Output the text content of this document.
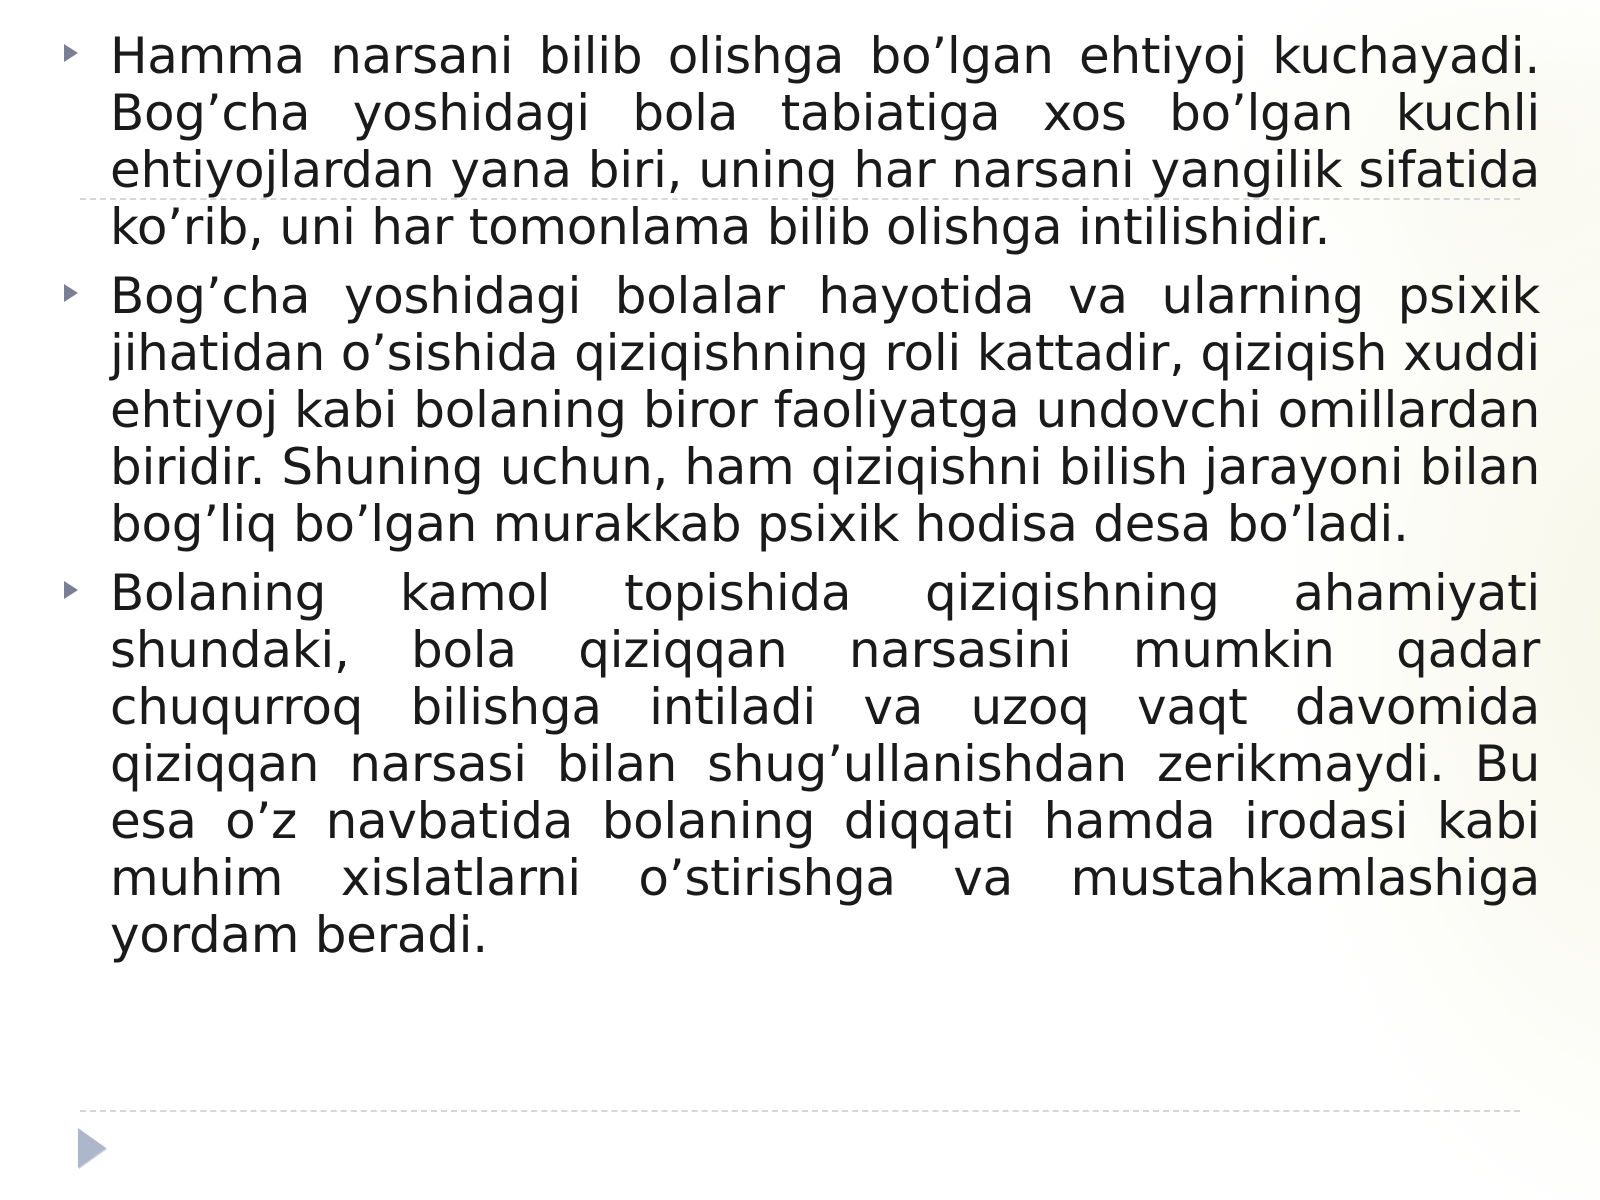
Hamma narsani bilib olishga bo’lgan ehtiyoj kuchayadi. Bog’cha yoshidagi bola tabiatiga xos bo’lgan kuchli ehtiyojlardan yana biri, uning har narsani yangilik sifatida ko’rib, uni har tomonlama bilib olishga intilishidir.
Bog’cha yoshidagi bolalar hayotida va ularning psixik jihatidan o’sishida qiziqishning roli kattadir, qiziqish xuddi ehtiyoj kabi bolaning biror faoliyatga undovchi omillardan biridir. Shuning uchun, ham qiziqishni bilish jarayoni bilan bog’liq bo’lgan murakkab psixik hodisa desa bo’ladi.
Bolaning kamol topishida qiziqishning ahamiyati shundaki, bola qiziqqan narsasini mumkin qadar chuqurroq bilishga intiladi va uzoq vaqt davomida qiziqqan narsasi bilan shug’ullanishdan zerikmaydi. Bu esa o’z navbatida bolaning diqqati hamda irodasi kabi muhim xislatlarni o’stirishga va mustahkamlashiga yordam beradi.
